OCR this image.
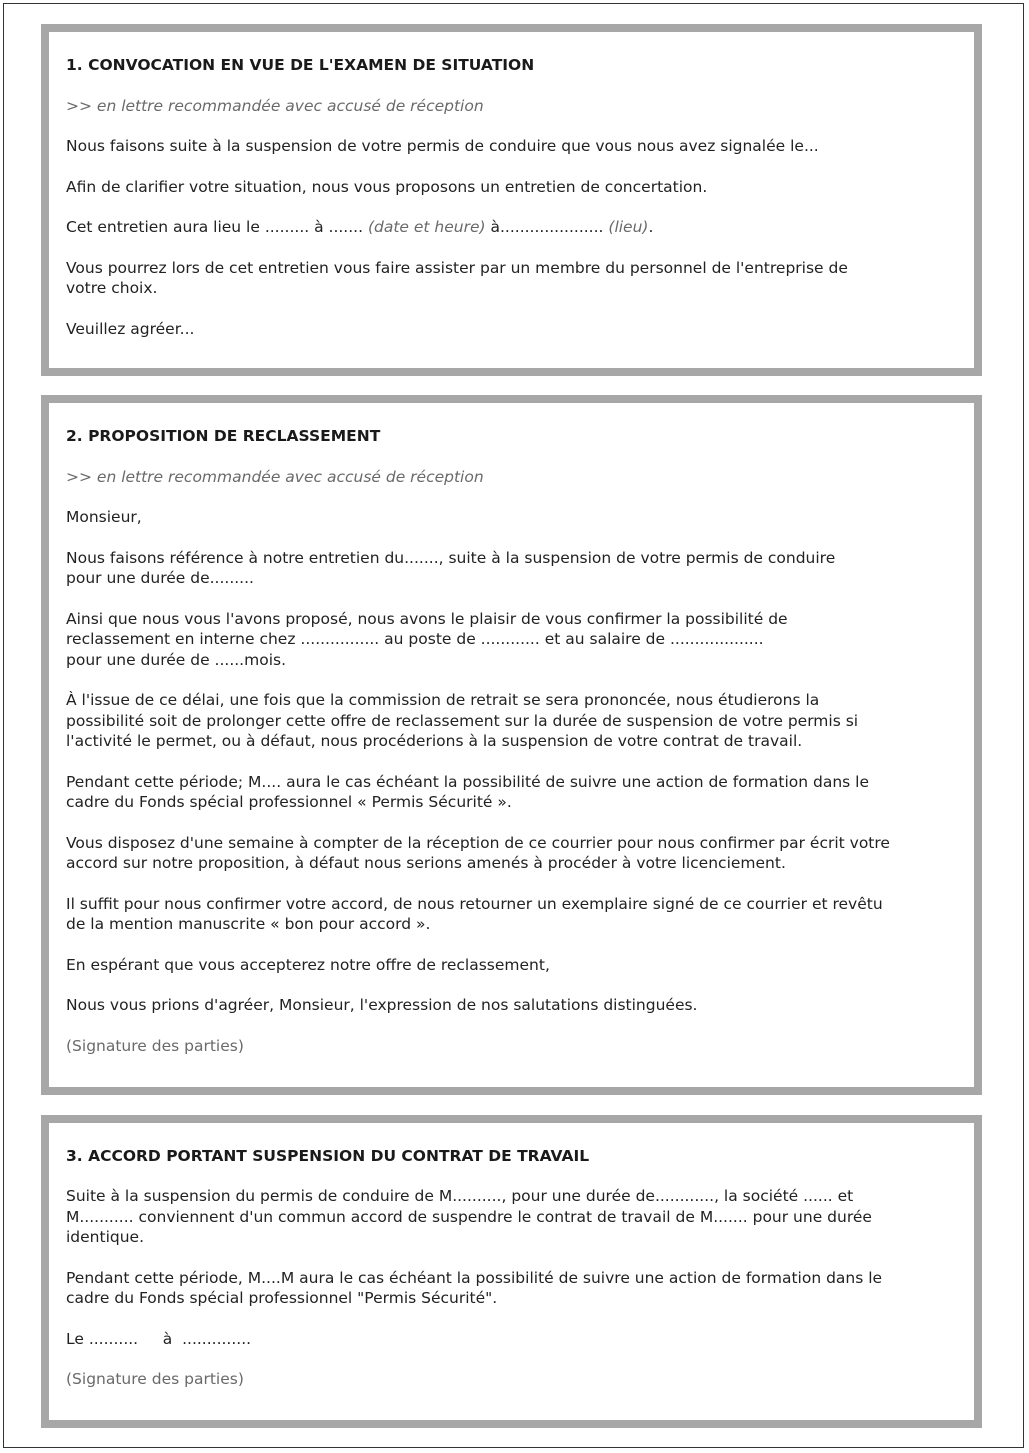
1. CONVOCATION EN VUE DE L'EXAMEN DE SITUATION
>> en lettre recommandée avec accusé de réception
Nous faisons suite à la suspension de votre permis de conduire que vous nous avez signalée le...
Afin de clarifier votre situation, nous vous proposons un entretien de concertation.
Cet entretien aura lieu le ......... à ....... (date et heure) à..................... (lieu).
Vous pourrez lors de cet entretien vous faire assister par un membre du personnel de l'entreprise de
votre choix.
Veuillez agréer...
2. PROPOSITION DE RECLASSEMENT
>> en lettre recommandée avec accusé de réception
Monsieur,
Nous faisons référence à notre entretien du......., suite à la suspension de votre permis de conduire
pour une durée de.........
Ainsi que nous vous l'avons proposé, nous avons le plaisir de vous confirmer la possibilité de
reclassement en interne chez ................ au poste de ............ et au salaire de ...................
pour une durée de ......mois.
À l'issue de ce délai, une fois que la commission de retrait se sera prononcée, nous étudierons la
possibilité soit de prolonger cette offre de reclassement sur la durée de suspension de votre permis si
l'activité le permet, ou à défaut, nous procéderions à la suspension de votre contrat de travail.
Pendant cette période; M.... aura le cas échéant la possibilité de suivre une action de formation dans le
cadre du Fonds spécial professionnel « Permis Sécurité ».
Vous disposez d'une semaine à compter de la réception de ce courrier pour nous confirmer par écrit votre
accord sur notre proposition, à défaut nous serions amenés à procéder à votre licenciement.
Il suffit pour nous confirmer votre accord, de nous retourner un exemplaire signé de ce courrier et revêtu
de la mention manuscrite « bon pour accord ».
En espérant que vous accepterez notre offre de reclassement,
Nous vous prions d'agréer, Monsieur, l'expression de nos salutations distinguées.
(Signature des parties)
3. ACCORD PORTANT SUSPENSION DU CONTRAT DE TRAVAIL
Suite à la suspension du permis de conduire de M.........., pour une durée de............, la société ...... et
M........... conviennent d'un commun accord de suspendre le contrat de travail de M....... pour une durée
identique.
Pendant cette période, M....M aura le cas échéant la possibilité de suivre une action de formation dans le
cadre du Fonds spécial professionnel "Permis Sécurité".
Le ..........     à  ..............
(Signature des parties)
